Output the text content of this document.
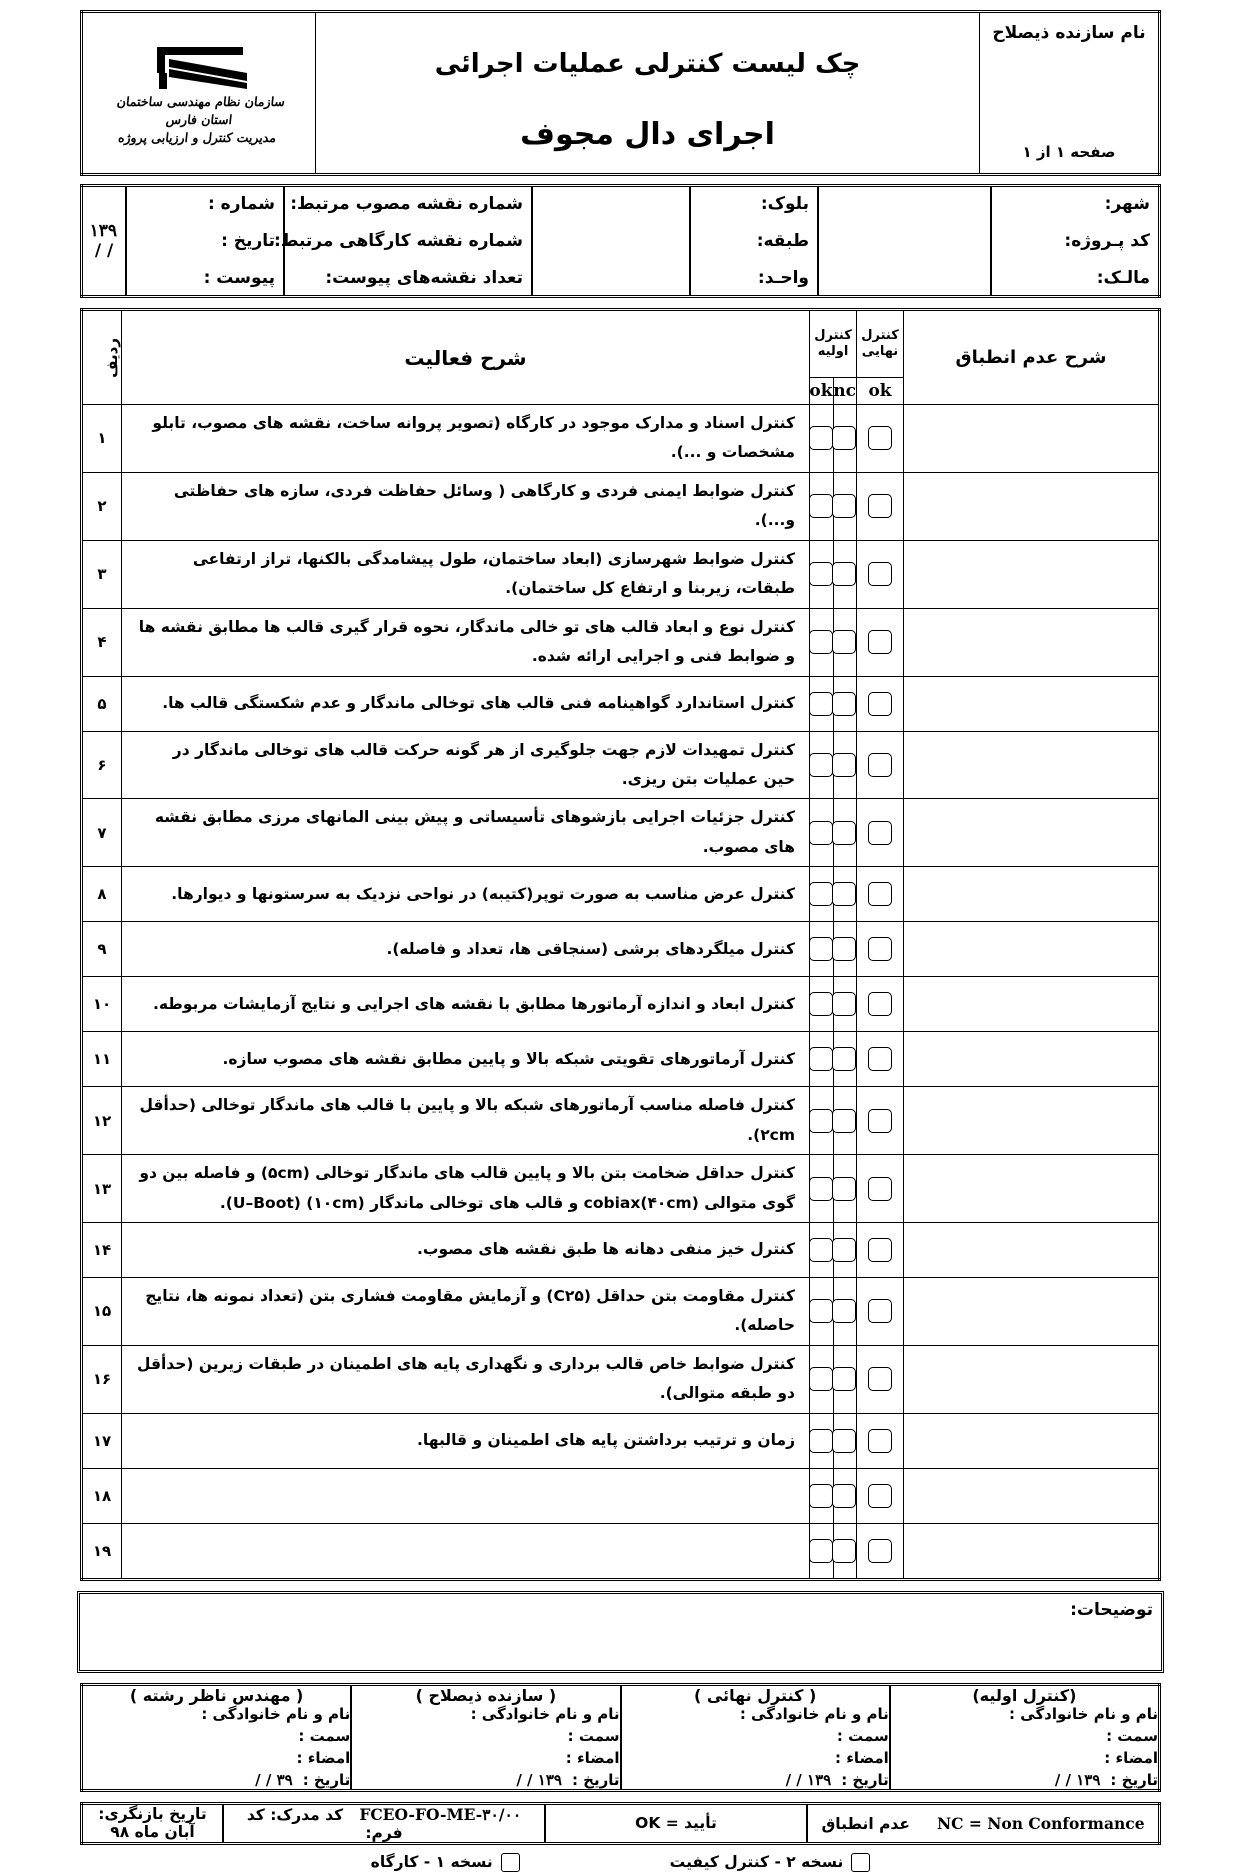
نام سازنده ذیصلاح
صفحه ۱ از ۱

چک لیست کنترلی عملیات اجرائی
اجرای دال مجوف

سازمان نظام مهندسی ساختمان
استان فارس
مدیریت کنترل و ارزیابی پروژه
شهر:		بلوک:		شماره نقشه مصوب مرتبط:	شماره :	
کد پـروژه:		طبقه:		شماره نقشه کارگاهی مرتبط:	تاریخ :	۱۳۹ / /
مالـک:		واحـد:		تعداد نقشه‌های پیوست:	پیوست :	
شرح عدم انطباق	کنترل نهایی	کنترل اولیه		شرح فعالیت	ردیف

	ok	nc	ok		
				کنترل اسناد و مدارک موجود در کارگاه (تصویر پروانه ساخت، نقشه های مصوب، تابلو مشخصات و ...).	۱
				کنترل ضوابط ایمنی فردی و کارگاهی ( وسائل حفاظت فردی، سازه های حفاظتی و...).	۲
				کنترل ضوابط شهرسازی (ابعاد ساختمان، طول پیشامدگی بالکنها، تراز ارتفاعی طبقات، زیربنا و ارتفاع کل ساختمان).	۳
				کنترل نوع و ابعاد قالب های تو خالی ماندگار، نحوه قرار گیری قالب ها مطابق نقشه ها و ضوابط فنی و اجرایی ارائه شده.	۴
				کنترل استاندارد گواهینامه فنی قالب های توخالی ماندگار و عدم شکستگی قالب ها.	۵
				کنترل تمهیدات لازم جهت جلوگیری از هر گونه حرکت قالب های توخالی ماندگار در حین عملیات بتن ریزی.	۶
				کنترل جزئیات اجرایی بازشوهای تأسیساتی و پیش بینی المانهای مرزی مطابق نقشه های مصوب.	۷
				کنترل عرض مناسب به صورت توپر(کتیبه) در نواحی نزدیک به سرستونها و دیوارها.	۸
				کنترل میلگردهای برشی (سنجاقی ها، تعداد و فاصله).	۹
				کنترل ابعاد و اندازه آرماتورها مطابق با نقشه های اجرایی و نتایج آزمایشات مربوطه.	۱۰
				کنترل آرماتورهای تقویتی شبکه بالا و پایین مطابق نقشه های مصوب سازه.	۱۱
				کنترل فاصله مناسب آرماتورهای شبکه بالا و پایین با قالب های ماندگار توخالی (حدأقل ۲cm).	۱۲
				کنترل حداقل ضخامت بتن بالا و پایین قالب های ماندگار توخالی (۵cm) و فاصله بین دو گوی متوالی (۴۰cm)cobiax و قالب های توخالی ماندگار (۱۰cm) (U–Boot).	۱۳
				کنترل خیز منفی دهانه ها طبق نقشه های مصوب.	۱۴
				کنترل مقاومت بتن حداقل (C۲۵) و آزمایش مقاومت فشاری بتن (تعداد نمونه ها، نتایج حاصله).	۱۵
				کنترل ضوابط خاص قالب برداری و نگهداری پایه های اطمینان در طبقات زیرین (حدأقل دو طبقه متوالی).	۱۶
				زمان و ترتیب برداشتن پایه های اطمینان و قالبها.	۱۷
					۱۸
					۱۹
توضیحات:
(کنترل اولیه)	( کنترل نهائی )	( سازنده ذیصلاح )	( مهندس ناظر رشته )
نام و نام خانوادگی :	نام و نام خانوادگی :	نام و نام خانوادگی :	نام و نام خانوادگی :
سمت :	سمت :	سمت :	سمت :
امضاء :	امضاء :	امضاء :	امضاء :
تاریخ :۱۳۹ / /	تاریخ :۱۳۹ / /	تاریخ :۱۳۹ / /	تاریخ :۳۹ / /
NC = Non Conformance     عدم انطباق	تأیید = OK	FCEO-FO-ME-۳۰/۰۰   کد مدرک: کد فرم:	تاریخ بازنگری: آبان ماه ۹۸
نسخه ۲ - کنترل کیفیت
نسخه ۱ - کارگاه
